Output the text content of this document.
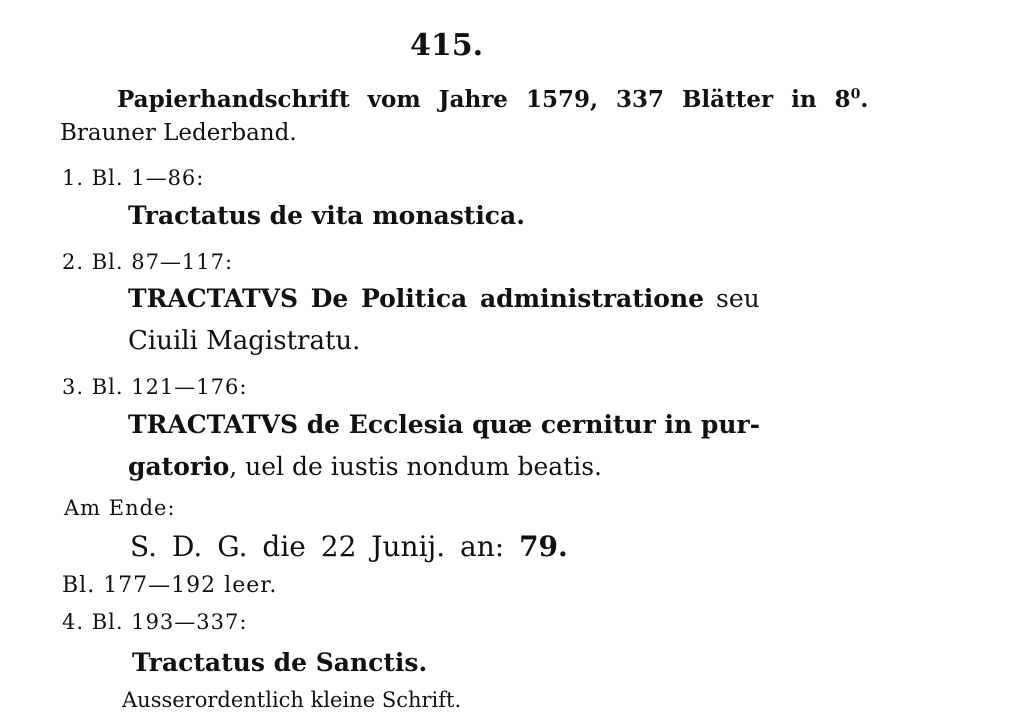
415.
Papierhandschrift vom Jahre 1579, 337 Blätter in $8^0$.
Brauner Lederband.
1. Bl. 1—86:
Tractatus de vita monastica.
2. Bl. 87—117:
TRACTATVS De Politica administratione seu
Ciuili Magistratu.
3. Bl. 121—176:
TRACTATVS de Ecclesia quæ cernitur in pur-
gatorio, uel de iustis nondum beatis.
Am Ende:
S. D. G. die 22 Junij. an: 79.
Bl. 177—192 leer.
4. Bl. 193—337:
Tractatus de Sanctis.
Ausserordentlich kleine Schrift.
